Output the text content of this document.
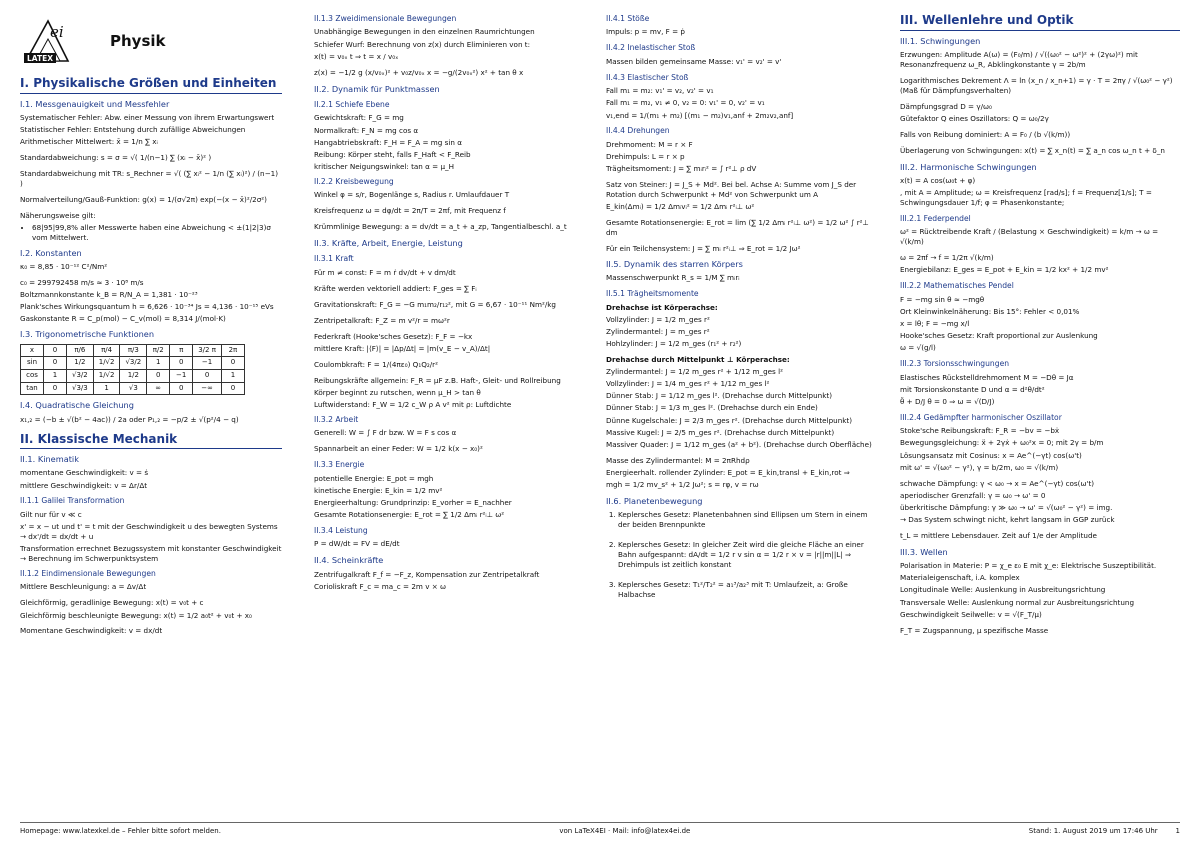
ei
LATEX
Physik
I. Physikalische Größen und Einheiten
I.1. Messgenauigkeit und Messfehler
Systematischer Fehler: Abw. einer Messung von ihrem Erwartungswert
Statistischer Fehler: Entstehung durch zufällige Abweichungen
Arithmetischer Mittelwert: x̄ = 1/n ∑ xᵢ
Standardabweichung: s = σ = √( 1/(n−1) ∑ (xᵢ − x̄)² )
Standardabweichung mit TR: s_Rechner = √( (∑ xᵢ² − 1/n (∑ xᵢ)²) / (n−1) )
Normalverteilung/Gauß-Funktion: g(x) = 1/(σ√2π) exp(−(x − x̄)²/2σ²)
Näherungsweise gilt:
• 68|95|99,8% aller Messwerte haben eine Abweichung < ±(1|2|3)σ vom Mittelwert.
I.2. Konstanten
κ₀ = 8,85 · 10⁻¹² C²/Nm²
c₀ = 299792458 m/s ≈ 3 · 10⁸ m/s
Boltzmannkonstante k_B = R/N_A = 1,381 · 10⁻²³
Plank'sches Wirkungsquantum h = 6,626 · 10⁻³⁴ Js = 4,136 · 10⁻¹⁵ eVs
Gaskonstante R = C_p(mol) − C_v(mol) = 8,314 J/(mol·K)
I.3. Trigonometrische Funktionen
x	0	π/6	π/4	π/3	π/2	π	3/2 π	2π
sin	0	1/2	1/√2	√3/2	1	0	−1	0
cos	1	√3/2	1/√2	1/2	0	−1	0	1
tan	0	√3/3	1	√3	∞	0	−∞	0
I.4. Quadratische Gleichung
x₁,₂ = (−b ± √(b² − 4ac)) / 2a oder P₁,₂ = −p/2 ± √(p²/4 − q)
II. Klassische Mechanik
II.1. Kinematik
momentane Geschwindigkeit: v = ṡ
mittlere Geschwindigkeit: v = Δr/Δt
II.1.1 Galilei Transformation
Gilt nur für v ≪ c
x' = x − ut und t' = t mit der Geschwindigkeit u des bewegten Systems → dx'/dt = dx/dt + u
Transformation errechnet Bezugssystem mit konstanter Geschwindigkeit → Berechnung im Schwerpunktsystem
II.1.2 Eindimensionale Bewegungen
Mittlere Beschleunigung: a = Δv/Δt
Gleichförmig, geradlinige Bewegung: x(t) = v₀t + c
Gleichförmig beschleunigte Bewegung: x(t) = 1/2 a₀t² + v₀t + x₀
Momentane Geschwindigkeit: v = dx/dt
II.1.3 Zweidimensionale Bewegungen
Unabhängige Bewegungen in den einzelnen Raumrichtungen
Schiefer Wurf: Berechnung von z(x) durch Eliminieren von t:
x(t) = v₀ₓ t ⇒ t = x / v₀ₓ
z(x) = −1/2 g (x/v₀ₓ)² + v₀z/v₀ₓ x = −g/(2v₀ₓ²) x² + tan θ x
II.2. Dynamik für Punktmassen
II.2.1 Schiefe Ebene
Gewichtskraft: F_G = mg
Normalkraft: F_N = mg cos α
Hangabtriebskraft: F_H = F_A = mg sin α
Reibung: Körper steht, falls F_Haft < F_Reib
kritischer Neigungswinkel: tan α = μ_H
II.2.2 Kreisbewegung
Winkel φ = s/r, Bogenlänge s, Radius r. Umlaufdauer T
Kreisfrequenz ω = dφ/dt = 2π/T = 2πf, mit Frequenz f
Krümmlinige Bewegung: a = dv/dt = a_t + a_zp, Tangentialbeschl. a_t
II.3. Kräfte, Arbeit, Energie, Leistung
II.3.1 Kraft
Für m ≠ const: F = m ṙ dv/dt + v dm/dt
Kräfte werden vektoriell addiert: F_ges = ∑ Fᵢ
Gravitationskraft: F_G = −G m₁m₂/r₁₂², mit G = 6,67 · 10⁻¹¹ Nm²/kg
Zentripetalkraft: F_Z = m v²/r = mω²r
Federkraft (Hooke'sches Gesetz): F_F = −kx
mittlere Kraft: |⟨F⟩| = |Δp/Δt| = |m(v_E − v_A)/Δt|
Coulombkraft: F = 1/(4πε₀) Q₁Q₂/r²
Reibungskräfte allgemein: F_R = μF z.B. Haft-, Gleit- und Rollreibung
Körper beginnt zu rutschen, wenn μ_H > tan θ
Luftwiderstand: F_W = 1/2 c_W ρ A v² mit ρ: Luftdichte
II.3.2 Arbeit
Generell: W = ∫ F dr bzw. W = F s cos α
Spannarbeit an einer Feder: W = 1/2 k(x − x₀)²
II.3.3 Energie
potentielle Energie: E_pot = mgh
kinetische Energie: E_kin = 1/2 mv²
Energieerhaltung: Grundprinzip: E_vorher = E_nachher
Gesamte Rotationsenergie: E_rot = ∑ 1/2 Δmᵢ r²ᵢ⊥ ω²
II.3.4 Leistung
P = dW/dt = FV = dE/dt
II.4. Scheinkräfte
Zentrifugalkraft F_f = −F_z, Kompensation zur Zentripetalkraft
Corioliskraft F_c = ma_c = 2m v × ω
II.4.1 Stöße
Impuls: p = mv, F = ṗ
II.4.2 Inelastischer Stoß
Massen bilden gemeinsame Masse: v₁' = v₂' = v'
II.4.3 Elastischer Stoß
Fall m₁ = m₂: v₁' = v₂, v₂' = v₁
Fall m₁ = m₂, v₁ ≠ 0, v₂ = 0: v₁' = 0, v₂' = v₁
v₁,end = 1/(m₁ + m₂) [(m₁ − m₂)v₁,anf + 2m₂v₂,anf]
II.4.4 Drehungen
Drehmoment: M = r × F
Drehimpuls: L = r × p
Trägheitsmoment: J = ∑ mᵢrᵢ² = ∫ r²⊥ ρ dV
Satz von Steiner: J = J_S + Md². Bei bel. Achse A: Summe vom J_S der Rotation durch Schwerpunkt + Md² von Schwerpunkt um A
E_kin(Δmᵢ) = 1/2 Δmᵢvᵢ² = 1/2 Δmᵢ r²ᵢ⊥ ω²
Gesamte Rotationsenergie: E_rot = lim (∑ 1/2 Δmᵢ r²ᵢ⊥ ω²) = 1/2 ω² ∫ r²⊥ dm
Für ein Teilchensystem: J = ∑ mᵢ r²ᵢ⊥ ⇒ E_rot = 1/2 Jω²
II.5. Dynamik des starren Körpers
Massenschwerpunkt R_s = 1/M ∑ mᵢrᵢ
II.5.1 Trägheitsmomente
Drehachse ist Körperachse:
Vollzylinder: J = 1/2 m_ges r²
Zylindermantel: J = m_ges r²
Hohlzylinder: J = 1/2 m_ges (r₁² + r₂²)
Drehachse durch Mittelpunkt ⊥ Körperachse:
Zylindermantel: J = 1/2 m_ges r² + 1/12 m_ges l²
Vollzylinder: J = 1/4 m_ges r² + 1/12 m_ges l²
Dünner Stab: J = 1/12 m_ges l². (Drehachse durch Mittelpunkt)
Dünner Stab: J = 1/3 m_ges l². (Drehachse durch ein Ende)
Dünne Kugelschale: J = 2/3 m_ges r². (Drehachse durch Mittelpunkt)
Massive Kugel: J = 2/5 m_ges r². (Drehachse durch Mittelpunkt)
Massiver Quader: J = 1/12 m_ges (a² + b²). (Drehachse durch Oberfläche)
Masse des Zylindermantel: M = 2πRhdρ
Energieerhalt. rollender Zylinder: E_pot = E_kin,transl + E_kin,rot ⇒
mgh = 1/2 mv_s² + 1/2 Jω²; s = rφ, v = rω
II.6. Planetenbewegung
1. Keplersches Gesetz: Planetenbahnen sind Ellipsen um Stern in einem der beiden Brennpunkte
2. Keplersches Gesetz: In gleicher Zeit wird die gleiche Fläche an einer Bahn aufgespannt: dA/dt = 1/2 r v sin α = 1/2 r × v = |r||m||L| ⇒ Drehimpuls ist zeitlich konstant
3. Keplersches Gesetz: T₁²/T₂² = a₁³/a₂³ mit T: Umlaufzeit, a: Große Halbachse
III. Wellenlehre und Optik
III.1. Schwingungen
Erzwungen: Amplitude A(ω) = (F₀/m) / √((ω₀² − ω²)² + (2γω)²) mit Resonanzfrequenz ω_R, Abklingkonstante γ = 2b/m
Logarithmisches Dekrement Λ = ln (x_n / x_n+1) = γ · T = 2πγ / √(ω₀² − γ²) (Maß für Dämpfungsverhalten)
Dämpfungsgrad D = γ/ω₀
Gütefaktor Q eines Oszillators: Q = ω₀/2γ
Falls von Reibung dominiert: A = F₀ / (b √(k/m))
Überlagerung von Schwingungen: x(t) = ∑ x_n(t) = ∑ a_n cos ω_n t + δ_n
III.2. Harmonische Schwingungen
x(t) = A cos(ω₀t + φ)
, mit A = Amplitude; ω = Kreisfrequenz [rad/s]; f = Frequenz[1/s]; T = Schwingungsdauer 1/f; φ = Phasenkonstante;
III.2.1 Federpendel
ω² = Rücktreibende Kraft / (Belastung × Geschwindigkeit) = k/m → ω = √(k/m)
ω = 2πf → f = 1/2π √(k/m)
Energiebilanz: E_ges = E_pot + E_kin = 1/2 kx² + 1/2 mv²
III.2.2 Mathematisches Pendel
F = −mg sin θ ≈ −mgθ
Ort Kleinwinkelnäherung: Bis 15°: Fehler < 0,01%
x = lθ; F = −mg x/l
Hooke'sches Gesetz: Kraft proportional zur Auslenkung
ω = √(g/l)
III.2.3 Torsionsschwingungen
Elastisches Rückstelldrehmoment M = −Dθ = Jα
mit Torsionskonstante D und α = d²θ/dt²
θ̈ + D/J θ = 0 ⇒ ω = √(D/J)
III.2.4 Gedämpfter harmonischer Oszillator
Stoke'sche Reibungskraft: F_R = −bv = −bẋ
Bewegungsgleichung: ẍ + 2γẋ + ω₀²x = 0; mit 2γ = b/m
Lösungsansatz mit Cosinus: x = Ae^(−γt) cos(ω't)
mit ω' = √(ω₀² − γ²), γ = b/2m, ω₀ = √(k/m)
schwache Dämpfung: γ < ω₀ → x = Ae^(−γt) cos(ω't)
aperiodischer Grenzfall: γ = ω₀ → ω' = 0
überkritische Dämpfung: γ ≫ ω₀ → ω' = √(ω₀² − γ²) = img.
→ Das System schwingt nicht, kehrt langsam in GGP zurück
t_L = mittlere Lebensdauer. Zeit auf 1/e der Amplitude
III.3. Wellen
Polarisation in Materie: P = χ_e ε₀ E mit χ_e: Elektrische Suszeptibilität.
Materialeigenschaft, i.A. komplex
Longitudinale Welle: Auslenkung in Ausbreitungsrichtung
Transversale Welle: Auslenkung normal zur Ausbreitungsrichtung
Geschwindigkeit Seilwelle: v = √(F_T/μ)
F_T = Zugspannung, μ spezifische Masse
Homepage: www.latexkel.de – Fehler bitte sofort melden.	von LaTeX4EI · Mail: info@latex4ei.de	Stand: 1. August 2019 um 17:46 Uhr	1
